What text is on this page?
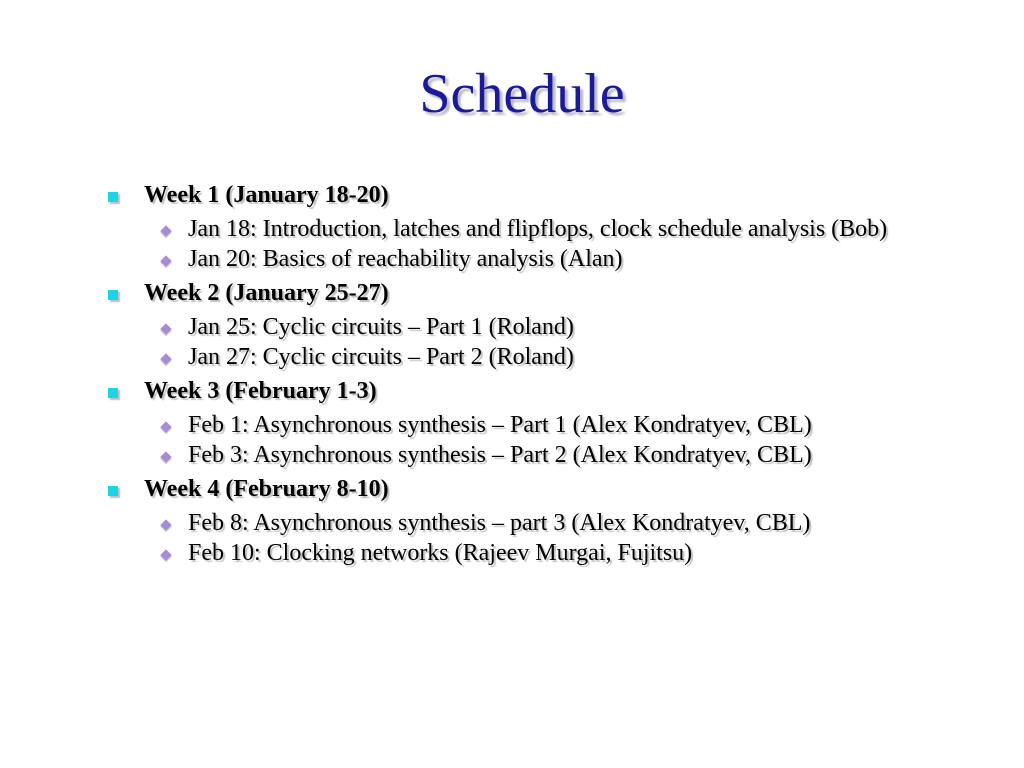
Schedule
Week 1 (January 18-20)
Jan 18: Introduction, latches and flipflops, clock schedule analysis (Bob)
Jan 20: Basics of reachability analysis (Alan)
Week 2 (January 25-27)
Jan 25: Cyclic circuits – Part 1 (Roland)
Jan 27: Cyclic circuits – Part 2 (Roland)
Week 3 (February 1-3)
Feb 1: Asynchronous synthesis – Part 1 (Alex Kondratyev, CBL)
Feb 3: Asynchronous synthesis – Part 2 (Alex Kondratyev, CBL)
Week 4 (February 8-10)
Feb 8: Asynchronous synthesis – part 3 (Alex Kondratyev, CBL)
Feb 10: Clocking networks (Rajeev Murgai, Fujitsu)
